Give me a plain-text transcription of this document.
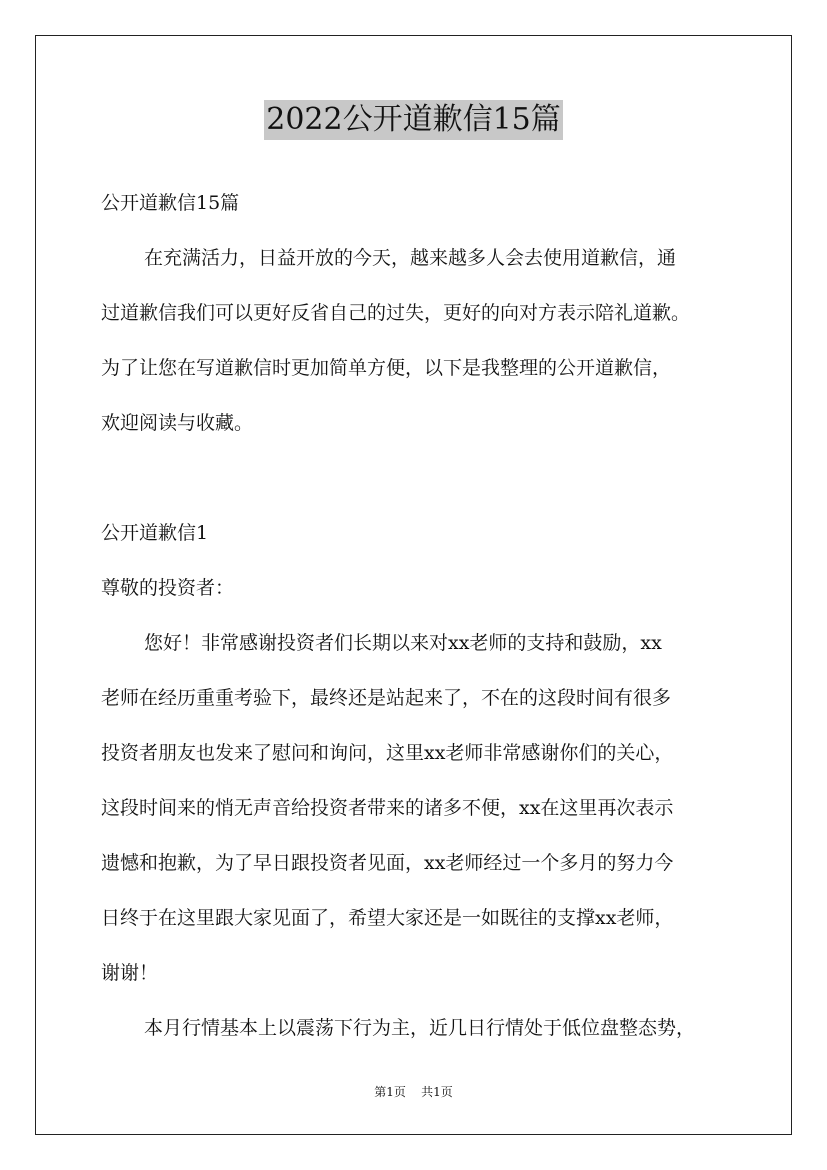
2022公开道歉信15篇
公开道歉信15篇
在充满活力，日益开放的今天，越来越多人会去使用道歉信，通
过道歉信我们可以更好反省自己的过失，更好的向对方表示陪礼道歉。
为了让您在写道歉信时更加简单方便，以下是我整理的公开道歉信，
欢迎阅读与收藏。
公开道歉信1
尊敬的投资者：
您好！非常感谢投资者们长期以来对xx老师的支持和鼓励，xx
老师在经历重重考验下，最终还是站起来了，不在的这段时间有很多
投资者朋友也发来了慰问和询问，这里xx老师非常感谢你们的关心，
这段时间来的悄无声音给投资者带来的诸多不便，xx在这里再次表示
遗憾和抱歉，为了早日跟投资者见面，xx老师经过一个多月的努力今
日终于在这里跟大家见面了，希望大家还是一如既往的支撑xx老师，
谢谢！
本月行情基本上以震荡下行为主，近几日行情处于低位盘整态势，
第1页 共1页
